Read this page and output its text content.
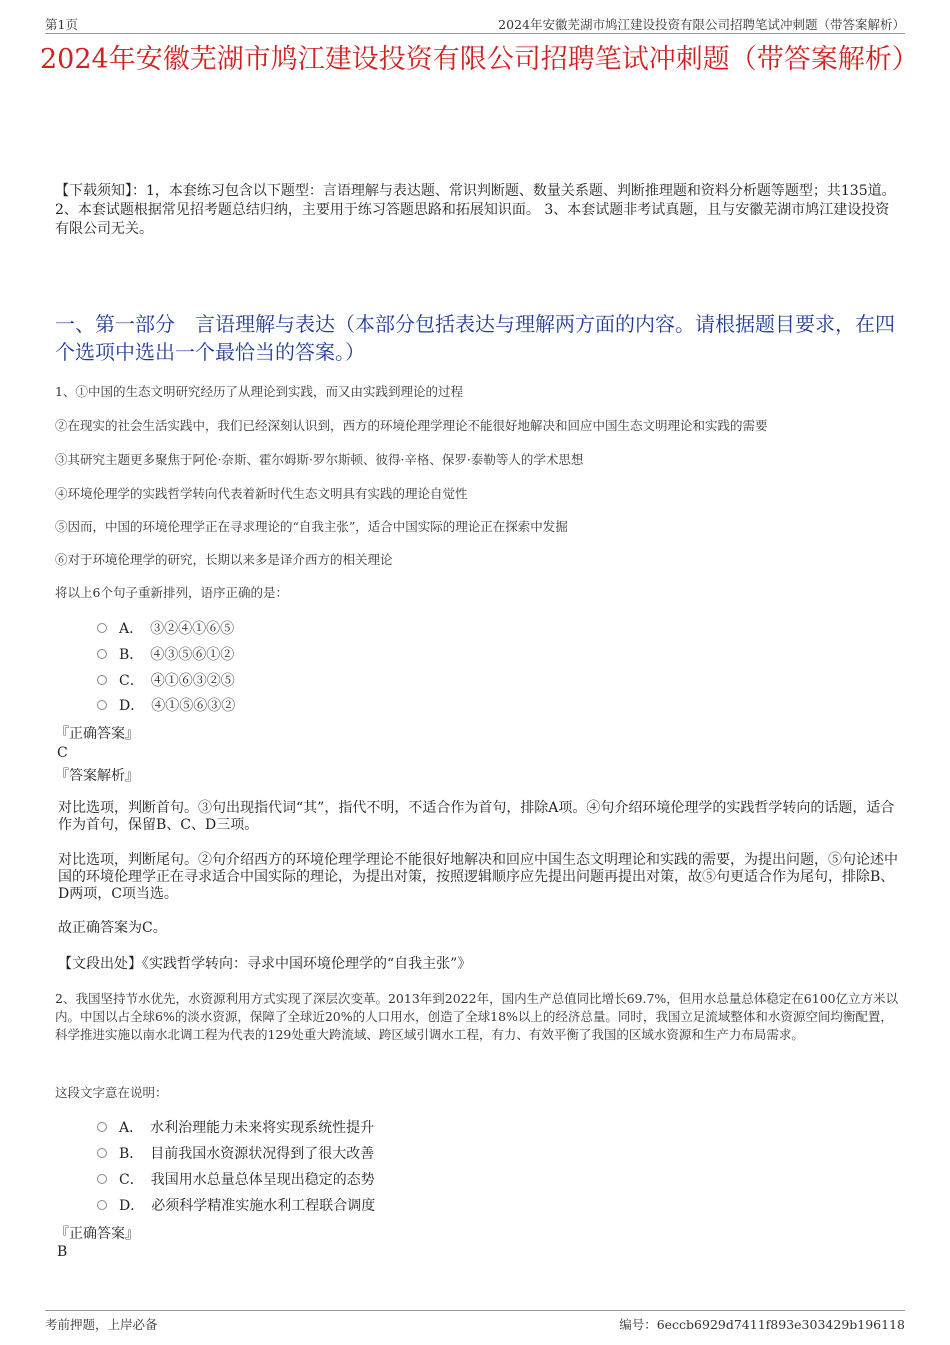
第1页	2024年安徽芜湖市鸠江建设投资有限公司招聘笔试冲刺题（带答案解析）
2024年安徽芜湖市鸠江建设投资有限公司招聘笔试冲刺题（带答案解析）
【下载须知】：1，本套练习包含以下题型：言语理解与表达题、常识判断题、数量关系题、判断推理题和资料分析题等题型；共135道。 2、本套试题根据常见招考题总结归纳，主要用于练习答题思路和拓展知识面。 3、本套试题非考试真题，且与安徽芜湖市鸠江建设投资有限公司无关。
一、第一部分　言语理解与表达（本部分包括表达与理解两方面的内容。请根据题目要求，在四个选项中选出一个最恰当的答案。）
1、①中国的生态文明研究经历了从理论到实践，而又由实践到理论的过程
②在现实的社会生活实践中，我们已经深刻认识到，西方的环境伦理学理论不能很好地解决和回应中国生态文明理论和实践的需要
③其研究主题更多聚焦于阿伦·奈斯、霍尔姆斯·罗尔斯顿、彼得·辛格、保罗·泰勒等人的学术思想
④环境伦理学的实践哲学转向代表着新时代生态文明具有实践的理论自觉性
⑤因而，中国的环境伦理学正在寻求理论的“自我主张”，适合中国实际的理论正在探索中发掘
⑥对于环境伦理学的研究，长期以来多是译介西方的相关理论
将以上6个句子重新排列，语序正确的是：
A．　③②④①⑥⑤
B．　④③⑤⑥①②
C．　④①⑥③②⑤
D．　④①⑤⑥③②
『正确答案』
C
『答案解析』
对比选项，判断首句。③句出现指代词“其”，指代不明，不适合作为首句，排除A项。④句介绍环境伦理学的实践哲学转向的话题，适合作为首句，保留B、C、D三项。
对比选项，判断尾句。②句介绍西方的环境伦理学理论不能很好地解决和回应中国生态文明理论和实践的需要，为提出问题，⑤句论述中国的环境伦理学正在寻求适合中国实际的理论，为提出对策，按照逻辑顺序应先提出问题再提出对策，故⑤句更适合作为尾句，排除B、D两项，C项当选。
故正确答案为C。
【文段出处】《实践哲学转向：寻求中国环境伦理学的“自我主张”》
2、我国坚持节水优先，水资源利用方式实现了深层次变革。2013年到2022年，国内生产总值同比增长69.7%，但用水总量总体稳定在6100亿立方米以内。中国以占全球6%的淡水资源，保障了全球近20%的人口用水，创造了全球18%以上的经济总量。同时，我国立足流域整体和水资源空间均衡配置，科学推进实施以南水北调工程为代表的129处重大跨流域、跨区域引调水工程，有力、有效平衡了我国的区域水资源和生产力布局需求。
这段文字意在说明：
A．　水利治理能力未来将实现系统性提升
B．　目前我国水资源状况得到了很大改善
C．　我国用水总量总体呈现出稳定的态势
D．　必须科学精准实施水利工程联合调度
『正确答案』
B
考前押题，上岸必备	编号：6eccb6929d7411f893e303429b196118
